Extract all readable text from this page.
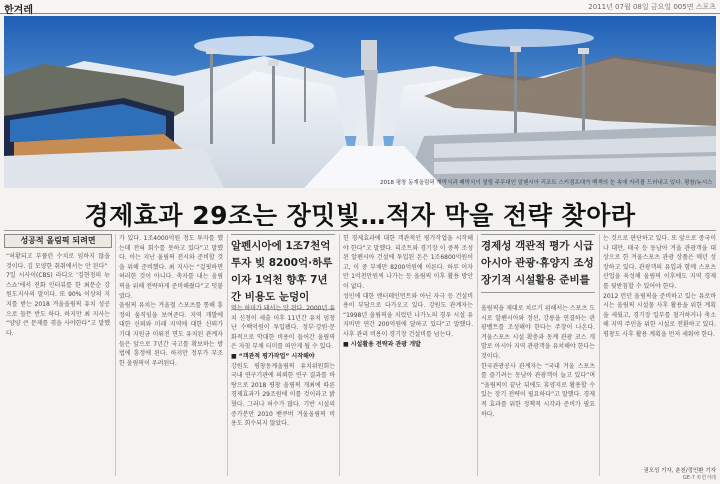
한겨레	2011년 07월 08일 금요일 005면 스포츠
2018 평창 동계올림픽 개막식과 폐막식이 열릴 주무대인 알펜시아 리조트 스키점프대가 백색의 눈 속에 자리를 드러내고 있다. 평창/뉴시스
경제효과 29조는 장밋빛…적자 막을 전략 찾아라
성공적 올림픽 되려면

“허황되고 부풀린 수치로 임하지 않을 것이다. 김 모양한 취취에서는 안 된다”

7일 시사이(CBS) 라디오 ‘김현정의 뉴스쇼’에서 전화 인터뷰를 한 최문순 강원도지사의 말이다. 또 90% 이상의 지지를 받는 2018 겨울올림픽 유치 성공으로 들뜬 반도 하다. 하지만 최 지사는 “양양 큰 문제를 겪을 사야한다”고 말했다.

가 있다. 1조4000억원 정도 투자를 했는데 전혀 회수를 못하고 있다”고 말했다. 이는 지난 올림픽 전시와 준비할 것을 위해 준비했다. 최 지사는 “걸핏하면 허러한 것이 아니다. 축자를 내는 올림픽을 위해 전략하게 준비해줬다”고 덧붙였다.

올림픽 유치는 겨울철 스포츠를 통해 흥정의 움직임을 보여준다. 지역 개발에 대한 신뢰와 미래 지역에 대한 신뢰가 기대 지원금 이뤄진 면도 유치된 관계자들은 앞으로 7년간 국고를 확보하는 방법에 흥정에 된다. 하지만 정부가 부조한 올림픽이 우려된다.

알펜시아에 1조7천억 투자 빚 8200억·하루이자 1억천 향후 7년간 비용도 눈덩이

먹는 하마가 돼서는 안 된다. 2000년 유치 신청이 세출 이후 11년간 유치 엄청난 수백억원이 투입됐다. 정부·강원·문화적으로 막대한 비용이 들어간 올림픽은 자칫 부채 더미를 떠안게 될 수 있다.

■ “객관적 평가작업” 시작해야

강원도 평창동계올림픽 유치위원회는 국내 연구기관에 의뢰한 연구 결과를 바탕으로 2018 평창 올림픽 개최에 따른 경제효과가 29조원에 이를 것이라고 밝혔다. 그러나 허수가 많다. 기반 시설의 증가분만 2010 밴쿠버 겨울올림픽 비용도 회수되지 않았다.

힌 경제효과에 대한 객관적인 평가작업을 시작해야 한다”고 말했다. 리조트와 경기장 이 중복 조성된 알펜시아 건설에 투입된 돈은 1조6800억원이고, 이 중 부채만 8200억원에 이른다. 하루 이자만 1억천만원씩 나가는 등 올림픽 이후 활용 방안이 없다.

성인에 대한 엔터테인먼트와 아닌 자극 등 건설비용이 부담으로 다가오고 있다. 강원도 관계자는 “1998년 올림픽을 치렀던 나가노의 경우 시설 유지비만 연간 200억원에 달하고 있다”고 말했다. 사후 관리 비용이 경기장 건설비를 넘는다.

■ 시설활용 전략과 관광 개발

경제성 객관적 평가 시급 아시아 관광·휴양지 조성 장기적 시설활용 준비를

올림픽을 제대로 치르기 위해서는 스포츠 도시로 알펜시아와 정선, 강릉을 연결하는 관광벨트를 조성해야 한다는 주장이 나온다. 겨울스포츠 시설 확충과 동계 관광 코스 개발로 아시아 지역 관광객을 유치해야 한다는 것이다.

한국관광공사 관계자는 “국내 겨울 스포츠를 즐기려는 동남아 관광객이 늘고 있다”며 “올림픽이 끝난 뒤에도 휴양지로 활용할 수 있는 장기 전략이 필요하다”고 말했다. 경제적 효과를 위한 정책적 시각과 준비가 필요하다.

는 것으로 판단하고 있다. 또 앞으로 중국이나 대만, 태국 등 동남아 겨울 관광객을 대상으로 한 겨울스포츠 관광 상품은 매년 성장하고 있다. 관광객의 유입과 함께 스포츠산업을 육성해 올림픽 이후에도 지역 경제를 뒷받침할 수 있어야 한다.

2012 런던 올림픽을 준비하고 있는 유로바시는 올림픽 시설물 사후 활용을 위한 계획을 세웠고, 경기장 일부를 철거하거나 축소해 지역 주민을 위한 시설로 전환하고 있다. 평창도 사후 활용 계획을 먼저 세워야 한다.

권오성 기자, 춘천/정인환 기자
GE-7 ©한겨레
